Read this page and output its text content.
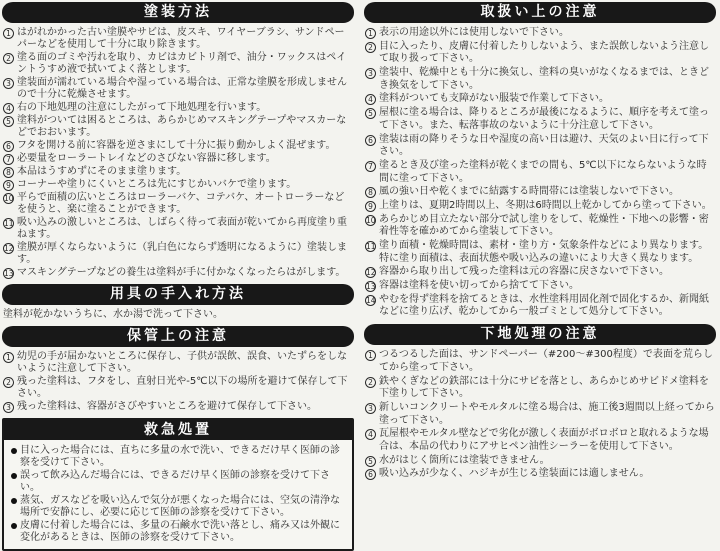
塗装方法
1 はがれかかった古い塗膜やサビは、皮スキ、ワイヤーブラシ、サンドペーパーなどを使用して十分に取り除きます。
2 塗る面のゴミや汚れを取り、カビはカビトリ剤で、油分・ワックスはペイントうすめ液で拭いてよく落とします。
3 塗装面が濡れている場合や湿っている場合は、正常な塗膜を形成しませんので十分に乾燥させます。
4 右の下地処理の注意にしたがって下地処理を行います。
5 塗料がついては困るところは、あらかじめマスキングテープやマスカーなどでおおいます。
6 フタを開ける前に容器を逆さまにして十分に振り動かしよく混ぜます。
7 必要量をローラートレイなどのさびない容器に移します。
8 本品はうすめずにそのまま塗ります。
9 コーナーや塗りにくいところは先にすじかいバケで塗ります。
10 平らで面積の広いところはローラーバケ、コテバケ、オートローラーなどを使うと、楽に塗ることができます。
11 吸い込みの激しいところは、しばらく待って表面が乾いてから再度塗り重ねます。
12 塗膜が厚くならないように（乳白色にならず透明になるように）塗装します。
13 マスキングテープなどの養生は塗料が手に付かなくなったらはがします。
用具の手入れ方法
塗料が乾かないうちに、水か湯で洗って下さい。
保管上の注意
1 幼児の手が届かないところに保存し、子供が誤飲、誤食、いたずらをしないように注意して下さい。
2 残った塗料は、フタをし、直射日光や-5℃以下の場所を避けて保存して下さい。
3 残った塗料は、容器がさびやすいところを避けて保存して下さい。
救急処置
目に入った場合には、直ちに多量の水で洗い、できるだけ早く医師の診察を受けて下さい。
誤って飲み込んだ場合には、できるだけ早く医師の診察を受けて下さい。
蒸気、ガスなどを吸い込んで気分が悪くなった場合には、空気の清浄な場所で安静にし、必要に応じて医師の診察を受けて下さい。
皮膚に付着した場合には、多量の石鹸水で洗い落とし、痛み又は外観に変化があるときは、医師の診察を受けて下さい。
取扱い上の注意
1 表示の用途以外には使用しないで下さい。
2 目に入ったり、皮膚に付着したりしないよう、また誤飲しないよう注意して取り扱って下さい。
3 塗装中、乾燥中とも十分に換気し、塗料の臭いがなくなるまでは、ときどき換気をして下さい。
4 塗料がついても支障がない服装で作業して下さい。
5 屋根に塗る場合は、降りるところが最後になるように、順序を考えて塗って下さい。また、転落事故のないように十分注意して下さい。
6 塗装は雨の降りそうな日や湿度の高い日は避け、天気のよい日に行って下さい。
7 塗るとき及び塗った塗料が乾くまでの間も、5℃以下にならないような時間に塗って下さい。
8 風の強い日や乾くまでに結露する時間帯には塗装しないで下さい。
9 上塗りは、夏期2時間以上、冬期は6時間以上乾かしてから塗って下さい。
10 あらかじめ目立たない部分で試し塗りをして、乾燥性・下地への影響・密着性等を確かめてから塗装して下さい。
11 塗り面積・乾燥時間は、素材・塗り方・気象条件などにより異なります。特に塗り面積は、表面状態や吸い込みの違いにより大きく異なります。
12 容器から取り出して残った塗料は元の容器に戻さないで下さい。
13 容器は塗料を使い切ってから捨てて下さい。
14 やむを得ず塗料を捨てるときは、水性塗料用固化剤で固化するか、新聞紙などに塗り広げ、乾かしてから一般ゴミとして処分して下さい。
下地処理の注意
1 つるつるした面は、サンドペーパー（#200～#300程度）で表面を荒らしてから塗って下さい。
2 鉄やくぎなどの鉄部には十分にサビを落とし、あらかじめサビドメ塗料を下塗りして下さい。
3 新しいコンクリートやモルタルに塗る場合は、施工後3週間以上経ってから塗って下さい。
4 瓦屋根やモルタル壁などで劣化が激しく表面がボロボロと取れるような場合は、本品の代わりにアサヒペン油性シーラーを使用して下さい。
5 水がはじく箇所には塗装できません。
6 吸い込みが少なく、ハジキが生じる塗装面には適しません。
